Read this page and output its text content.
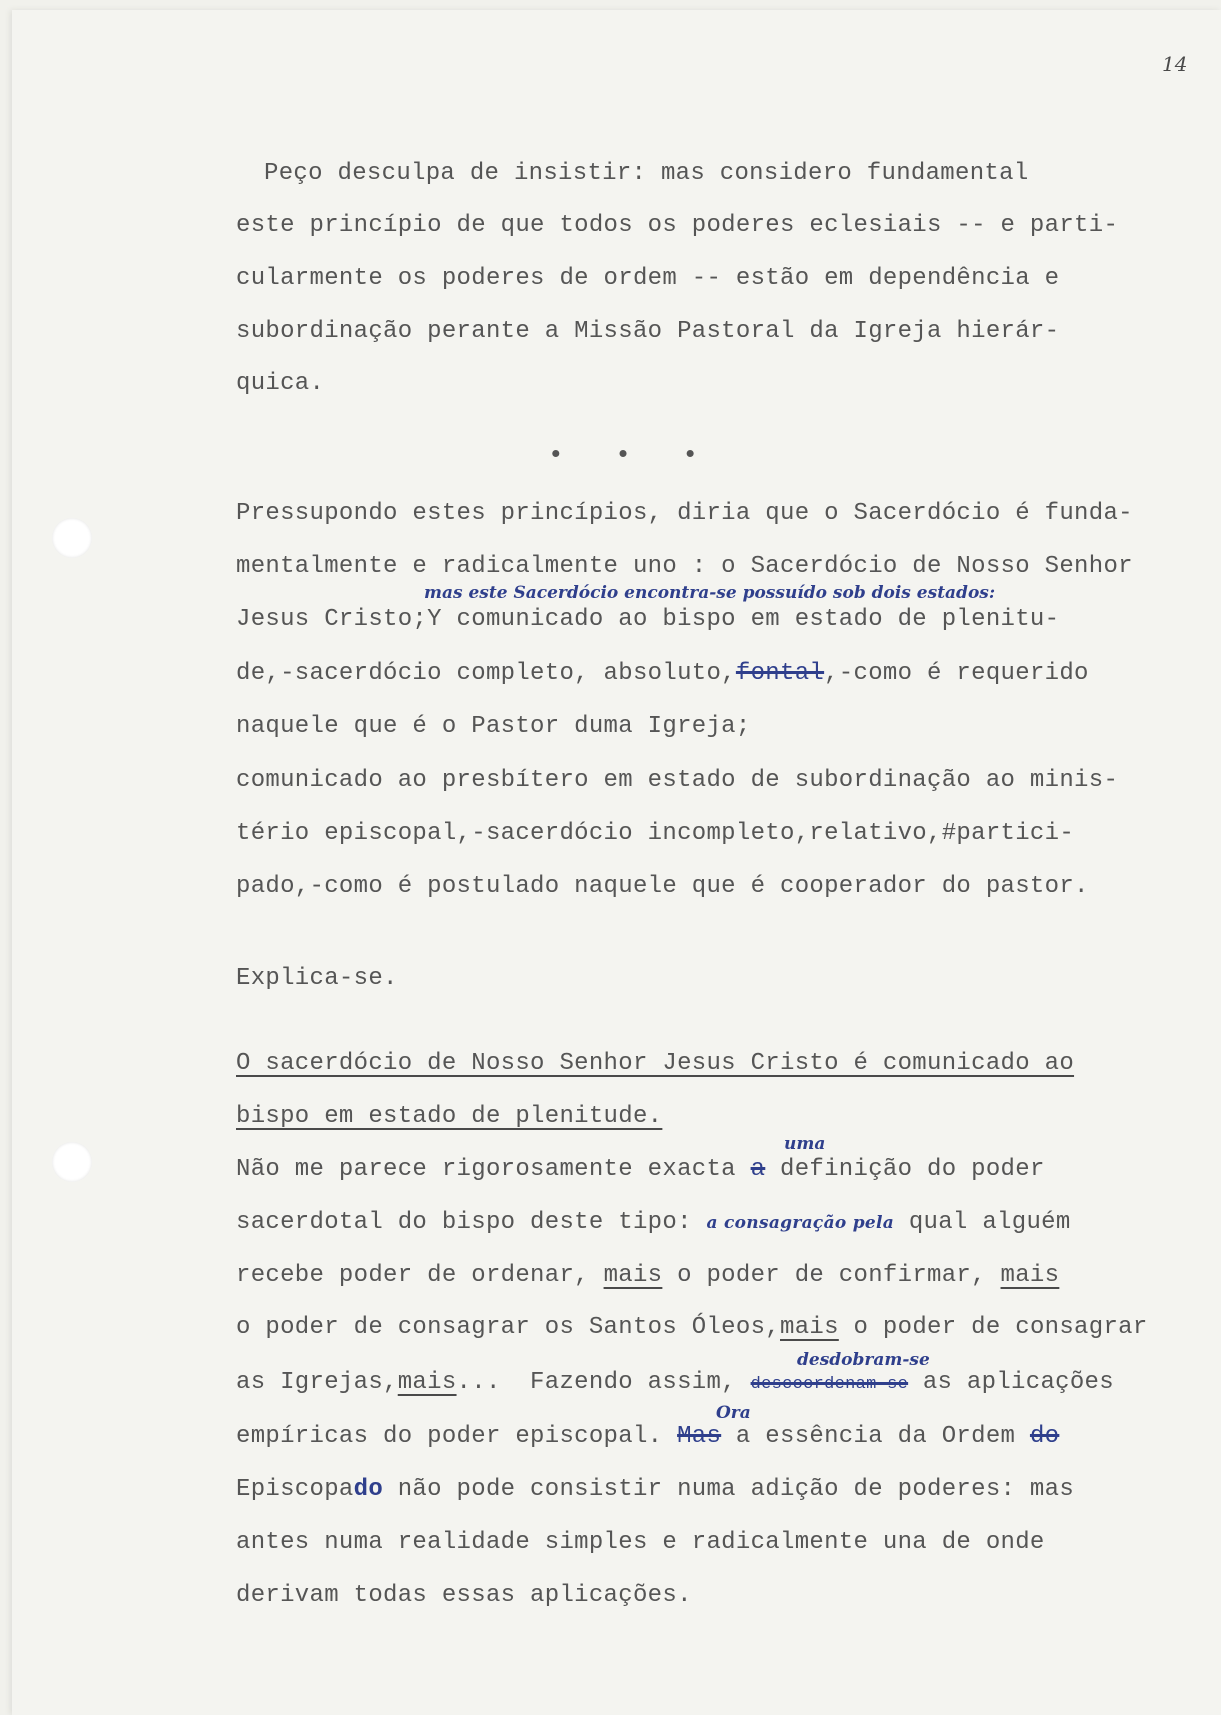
14
Peço desculpa de insistir: mas considero fundamental
este princípio de que todos os poderes eclesiais -- e parti-
cularmente os poderes de ordem -- estão em dependência e
subordinação perante a Missão Pastoral da Igreja hierár-
quica.
• • •
Pressupondo estes princípios, diria que o Sacerdócio é funda-
mentalmente e radicalmente uno : o Sacerdócio de Nosso Senhor
mas este Sacerdócio encontra-se possuído sob dois estados:
Jesus Cristo;Y comunicado ao bispo em estado de plenitu-
de,-sacerdócio completo, absoluto,fontal,-como é requerido
naquele que é o Pastor duma Igreja;
comunicado ao presbítero em estado de subordinação ao minis-
tério episcopal,-sacerdócio incompleto,relativo,#partici-
pado,-como é postulado naquele que é cooperador do pastor.
Explica-se.
O sacerdócio de Nosso Senhor Jesus Cristo é comunicado ao
bispo em estado de plenitude.
uma
Não me parece rigorosamente exacta a definição do poder
sacerdotal do bispo deste tipo: a consagração pela qual alguém
recebe poder de ordenar, mais o poder de confirmar, mais
o poder de consagrar os Santos Óleos,mais o poder de consagrar
desdobram-se
as Igrejas,mais...  Fazendo assim, descoordenam-se as aplicações
Ora
empíricas do poder episcopal. Mas a essência da Ordem do
Episcopado não pode consistir numa adição de poderes: mas
antes numa realidade simples e radicalmente una de onde
derivam todas essas aplicações.
